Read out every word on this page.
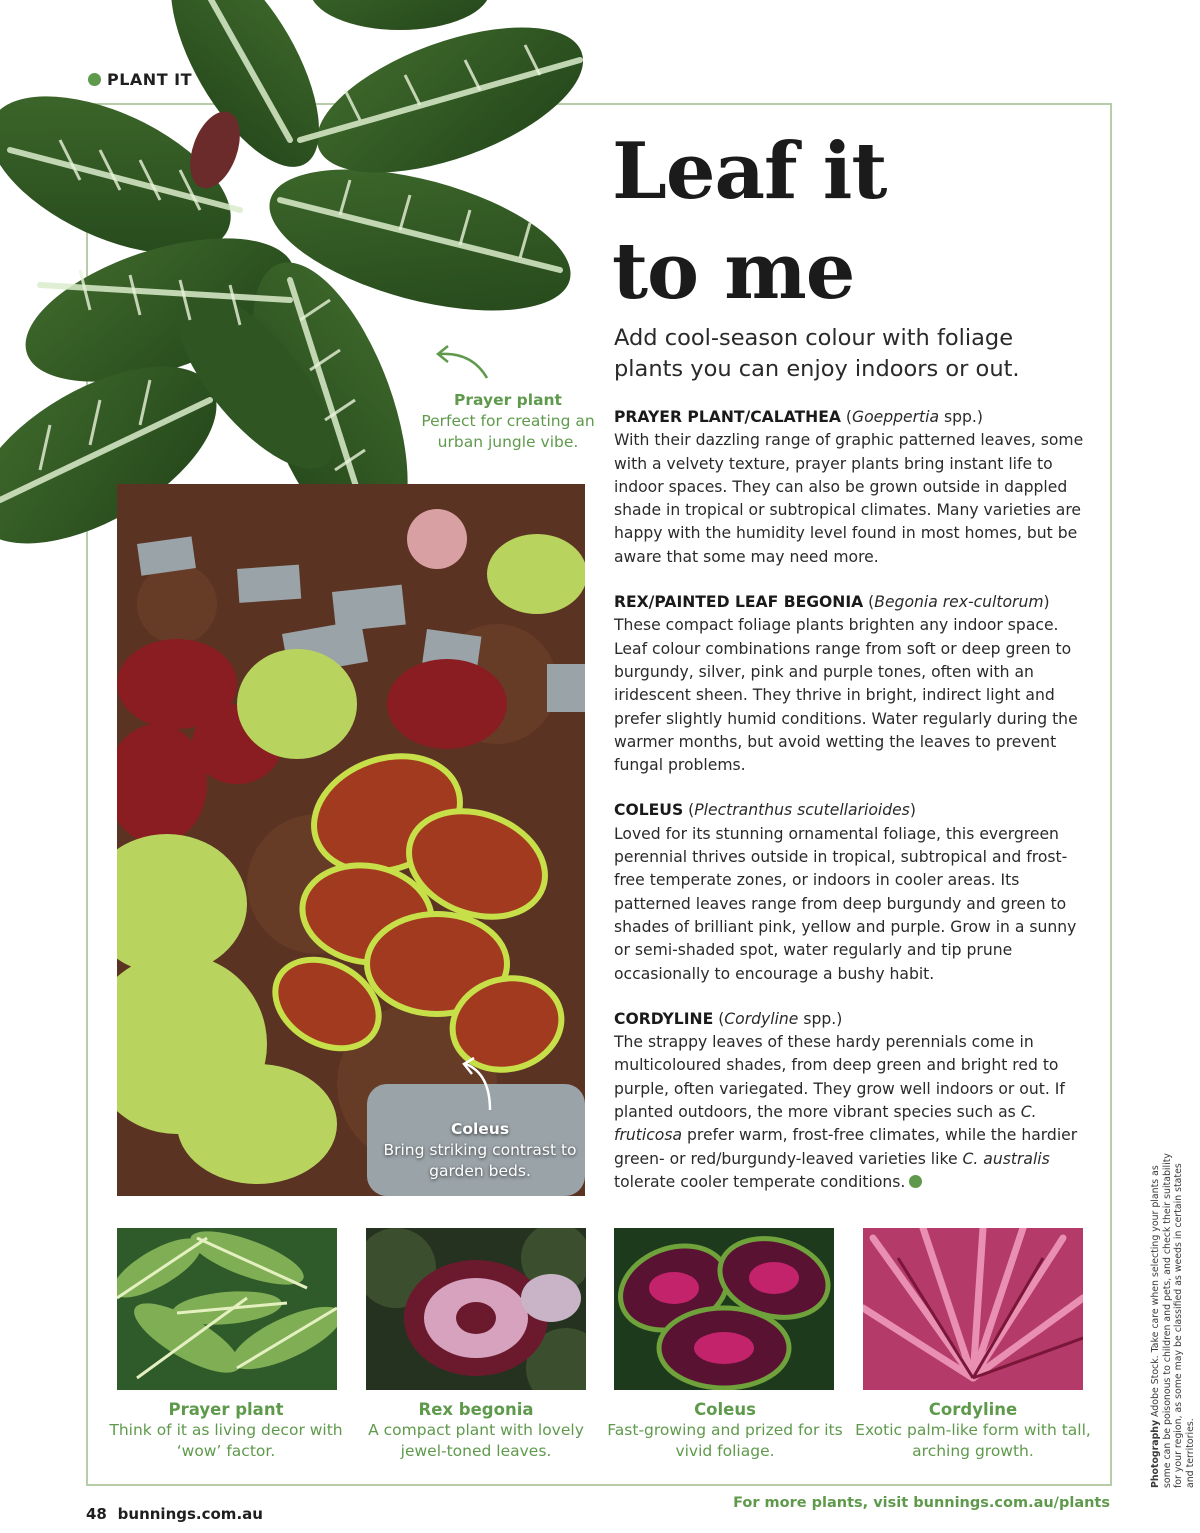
PLANT IT
Leaf it
to me

Add cool-season colour with foliage plants you can enjoy indoors or out.

PRAYER PLANT/CALATHEA (Goeppertia spp.)
With their dazzling range of graphic patterned leaves, some with a velvety texture, prayer plants bring instant life to indoor spaces. They can also be grown outside in dappled shade in tropical or subtropical climates. Many varieties are happy with the humidity level found in most homes, but be aware that some may need more.

REX/PAINTED LEAF BEGONIA (Begonia rex-cultorum)
These compact foliage plants brighten any indoor space. Leaf colour combinations range from soft or deep green to burgundy, silver, pink and purple tones, often with an iridescent sheen. They thrive in bright, indirect light and prefer slightly humid conditions. Water regularly during the warmer months, but avoid wetting the leaves to prevent fungal problems.

COLEUS (Plectranthus scutellarioides)
Loved for its stunning ornamental foliage, this evergreen perennial thrives outside in tropical, subtropical and frost-free temperate zones, or indoors in cooler areas. Its patterned leaves range from deep burgundy and green to shades of brilliant pink, yellow and purple. Grow in a sunny or semi-shaded spot, water regularly and tip prune occasionally to encourage a bushy habit.

CORDYLINE (Cordyline spp.)
The strappy leaves of these hardy perennials come in multicoloured shades, from deep green and bright red to purple, often variegated. They grow well indoors or out. If planted outdoors, the more vibrant species such as C. fruticosa prefer warm, frost-free climates, while the hardier green- or red/burgundy-leaved varieties like C. australis tolerate cooler temperate conditions.

Prayer plant
Perfect for creating an urban jungle vibe.
Coleus
Bring striking contrast to garden beds.
Prayer plant
Think of it as living decor with ‘wow’ factor.
Rex begonia
A compact plant with lovely jewel-toned leaves.
Coleus
Fast-growing and prized for its vivid foliage.
Cordyline
Exotic palm-like form with tall, arching growth.	Photography Adobe Stock. Take care when selecting your plants as some can be poisonous to children and pets, and check their suitability for your region, as some may be classified as weeds in certain states and territories.
48 bunnings.com.au
For more plants, visit bunnings.com.au/plants
